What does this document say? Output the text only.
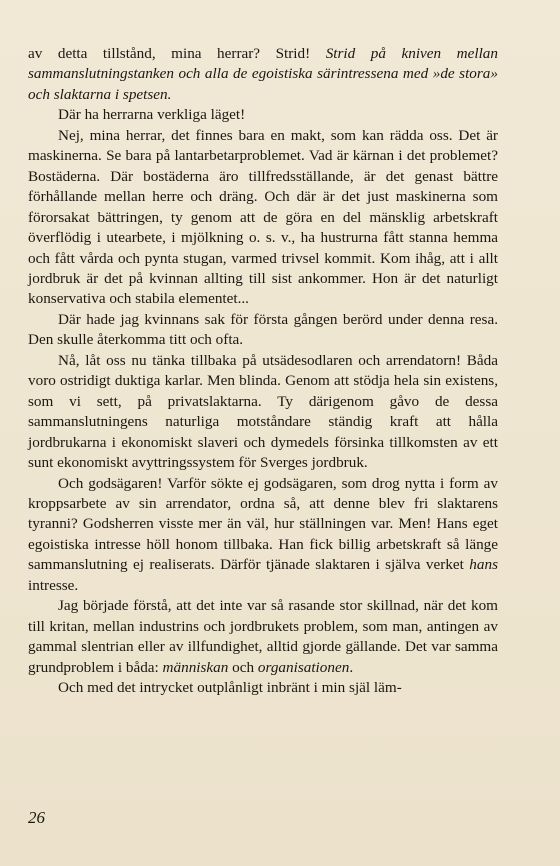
av detta tillstånd, mina herrar? Strid! Strid på kniven mellan sammanslutningstanken och alla de egoistiska särintressena med »de stora» och slaktarna i spetsen.

Där ha herrarna verkliga läget!

Nej, mina herrar, det finnes bara en makt, som kan rädda oss. Det är maskinerna. Se bara på lantarbetarproblemet. Vad är kärnan i det problemet? Bostäderna. Där bostäderna äro tillfredsställande, är det genast bättre förhållande mellan herre och dräng. Och där är det just maskinerna som förorsakat bättringen, ty genom att de göra en del mänsklig arbetskraft överflödig i utearbete, i mjölkning o. s. v., ha hustrurna fått stanna hemma och fått vårda och pynta stugan, varmed trivsel kommit. Kom ihåg, att i allt jordbruk är det på kvinnan allting till sist ankommer. Hon är det naturligt konservativa och stabila elementet...

Där hade jag kvinnans sak för första gången berörd under denna resa. Den skulle återkomma titt och ofta.

Nå, låt oss nu tänka tillbaka på utsädesodlaren och arrendatorn! Båda voro ostridigt duktiga karlar. Men blinda. Genom att stödja hela sin existens, som vi sett, på privatslaktarna. Ty därigenom gåvo de dessa sammanslutningens naturliga motståndare ständig kraft att hålla jordbrukarna i ekonomiskt slaveri och dymedels försinka tillkomsten av ett sunt ekonomiskt avyttringssystem för Sverges jordbruk.

Och godsägaren! Varför sökte ej godsägaren, som drog nytta i form av kroppsarbete av sin arrendator, ordna så, att denne blev fri slaktarens tyranni? Godsherren visste mer än väl, hur ställningen var. Men! Hans eget egoistiska intresse höll honom tillbaka. Han fick billig arbetskraft så länge sammanslutning ej realiserats. Därför tjänade slaktaren i själva verket hans intresse.

Jag började förstå, att det inte var så rasande stor skillnad, när det kom till kritan, mellan industrins och jordbrukets problem, som man, antingen av gammal slentrian eller av illfundighet, alltid gjorde gällande. Det var samma grundproblem i båda: människan och organisationen.

Och med det intrycket outplånligt inbränt i min själ läm-

26
